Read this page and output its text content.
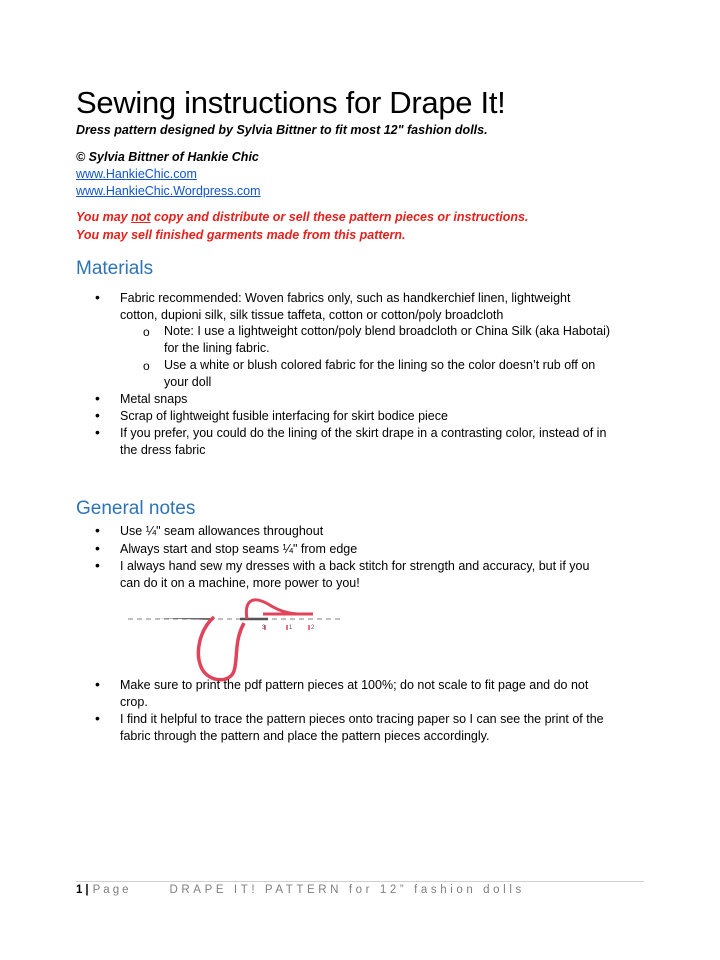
Sewing instructions for Drape It!
Dress pattern designed by Sylvia Bittner to fit most 12" fashion dolls.
© Sylvia Bittner of Hankie Chic
www.HankieChic.com
www.HankieChic.Wordpress.com
You may not copy and distribute or sell these pattern pieces or instructions.
You may sell finished garments made from this pattern.
Materials
• Fabric recommended: Woven fabrics only, such as handkerchief linen, lightweight
cotton, dupioni silk, silk tissue taffeta, cotton or cotton/poly broadcloth
o Note: I use a lightweight cotton/poly blend broadcloth or China Silk (aka Habotai)
for the lining fabric.
o Use a white or blush colored fabric for the lining so the color doesn’t rub off on
your doll
• Metal snaps
• Scrap of lightweight fusible interfacing for skirt bodice piece
• If you prefer, you could do the lining of the skirt drape in a contrasting color, instead of in
the dress fabric
General notes
• Use ¼" seam allowances throughout
• Always start and stop seams ¼" from edge
• I always hand sew my dresses with a back stitch for strength and accuracy, but if you
can do it on a machine, more power to you!
3	1	2
• Make sure to print the pdf pattern pieces at 100%; do not scale to fit page and do not
crop.
• I find it helpful to trace the pattern pieces onto tracing paper so I can see the print of the
fabric through the pattern and place the pattern pieces accordingly.
1 | Page	DRAPE IT! PATTERN for 12” fashion dolls
